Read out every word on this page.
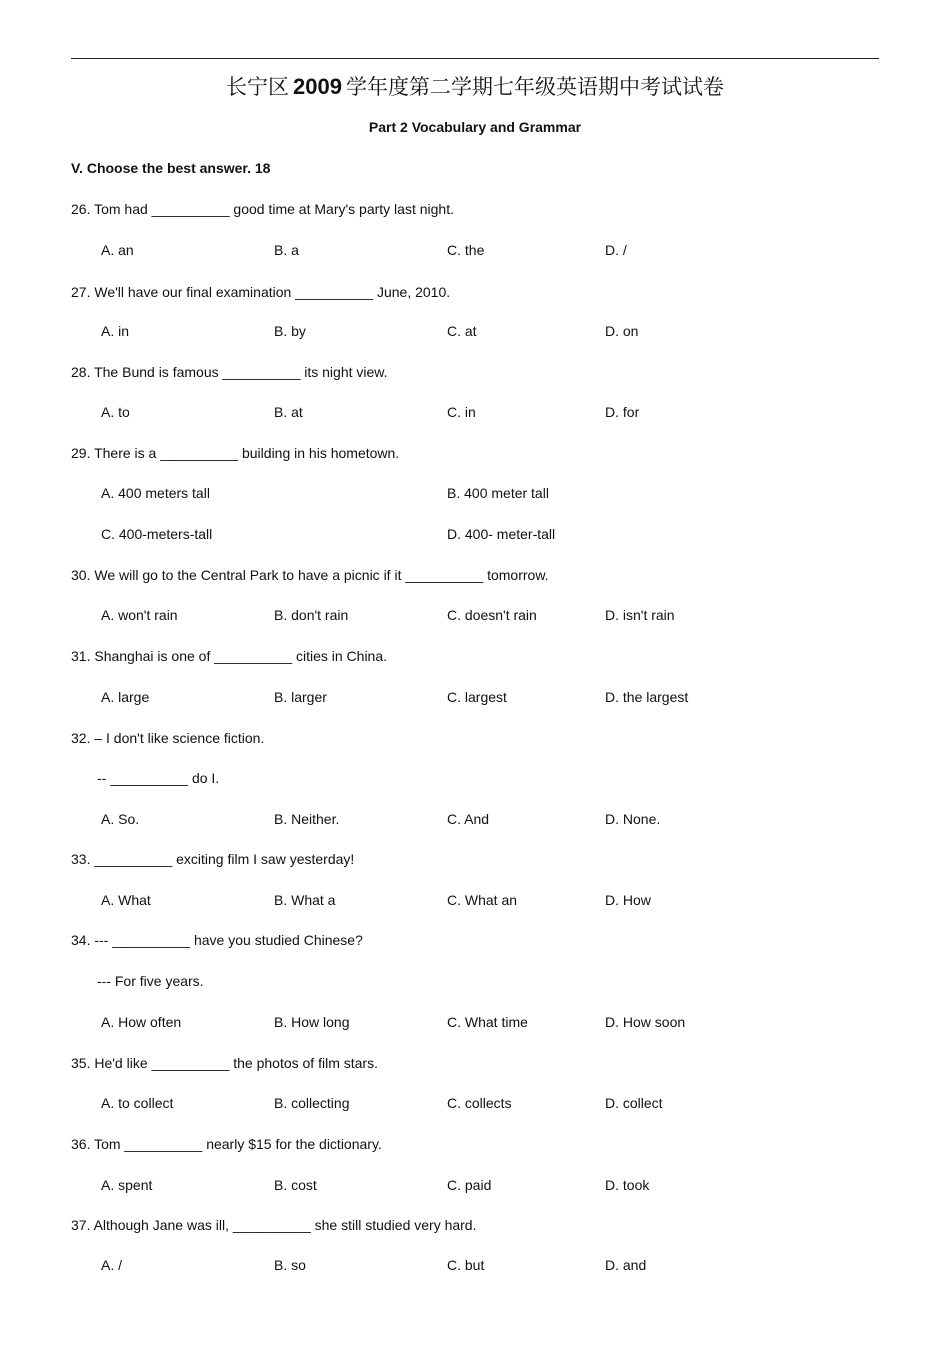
长宁区 2009 学年度第二学期七年级英语期中考试试卷
Part 2 Vocabulary and Grammar
V. Choose the best answer. 18
26. Tom had __________ good time at Mary's party last night.
A. an	B. a	C. the	D. /
27. We'll have our final examination __________ June, 2010.
A. in	B. by	C. at	D. on
28. The Bund is famous __________ its night view.
A. to	B. at	C. in	D. for
29. There is a __________ building in his hometown.
A. 400 meters tall	B. 400 meter tall
C. 400-meters-tall	D. 400- meter-tall
30. We will go to the Central Park to have a picnic if it __________ tomorrow.
A. won't rain	B. don't rain	C. doesn't rain	D. isn't rain
31. Shanghai is one of __________ cities in China.
A. large	B. larger	C. largest	D. the largest
32. – I don't like science fiction.
-- __________ do I.
A. So.	B. Neither.	C. And	D. None.
33. __________ exciting film I saw yesterday!
A. What	B. What a	C. What an	D. How
34. --- __________ have you studied Chinese?
--- For five years.
A. How often	B. How long	C. What time	D. How soon
35. He'd like __________ the photos of film stars.
A. to collect	B. collecting	C. collects	D. collect
36. Tom __________ nearly $15 for the dictionary.
A. spent	B. cost	C. paid	D. took
37. Although Jane was ill, __________ she still studied very hard.
A. /	B. so	C. but	D. and
